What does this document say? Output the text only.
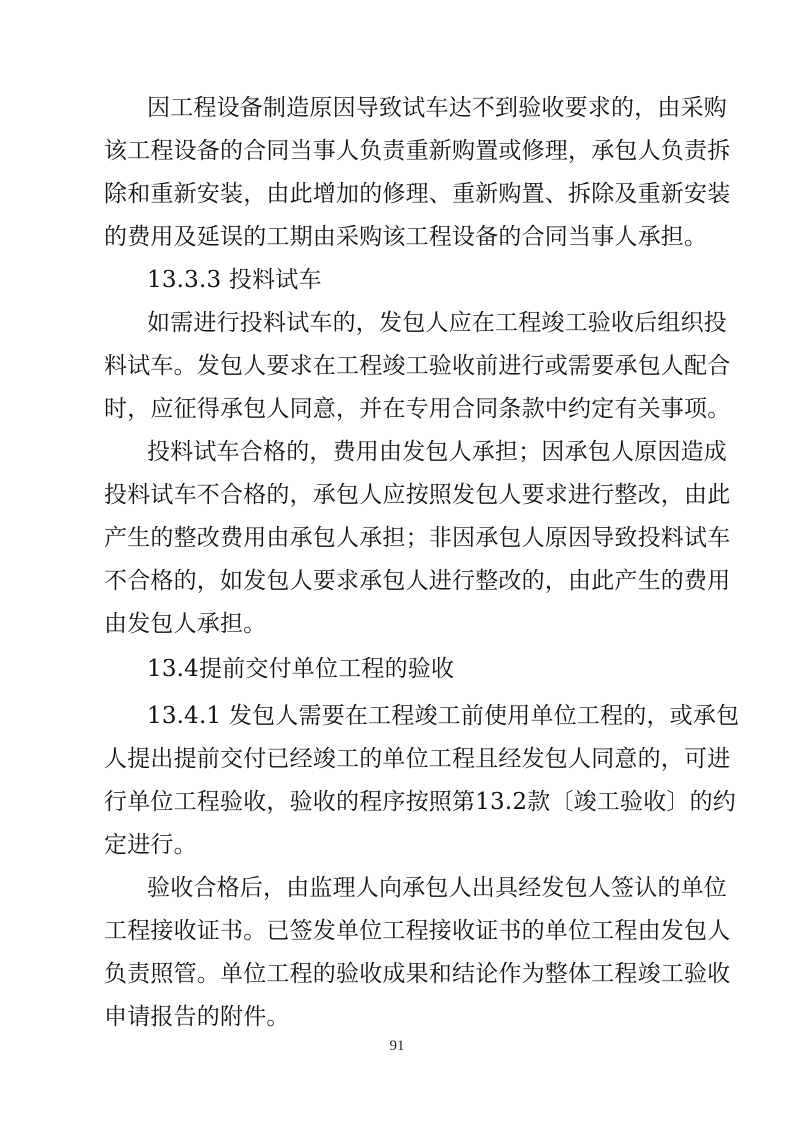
因工程设备制造原因导致试车达不到验收要求的，由采购
该工程设备的合同当事人负责重新购置或修理，承包人负责拆
除和重新安装，由此增加的修理、重新购置、拆除及重新安装
的费用及延误的工期由采购该工程设备的合同当事人承担。
13.3.3 投料试车
如需进行投料试车的，发包人应在工程竣工验收后组织投
料试车。发包人要求在工程竣工验收前进行或需要承包人配合
时，应征得承包人同意，并在专用合同条款中约定有关事项。
投料试车合格的，费用由发包人承担；因承包人原因造成
投料试车不合格的，承包人应按照发包人要求进行整改，由此
产生的整改费用由承包人承担；非因承包人原因导致投料试车
不合格的，如发包人要求承包人进行整改的，由此产生的费用
由发包人承担。
13.4提前交付单位工程的验收
13.4.1 发包人需要在工程竣工前使用单位工程的，或承包
人提出提前交付已经竣工的单位工程且经发包人同意的，可进
行单位工程验收，验收的程序按照第13.2款〔竣工验收〕的约
定进行。
验收合格后，由监理人向承包人出具经发包人签认的单位
工程接收证书。已签发单位工程接收证书的单位工程由发包人
负责照管。单位工程的验收成果和结论作为整体工程竣工验收
申请报告的附件。
91
